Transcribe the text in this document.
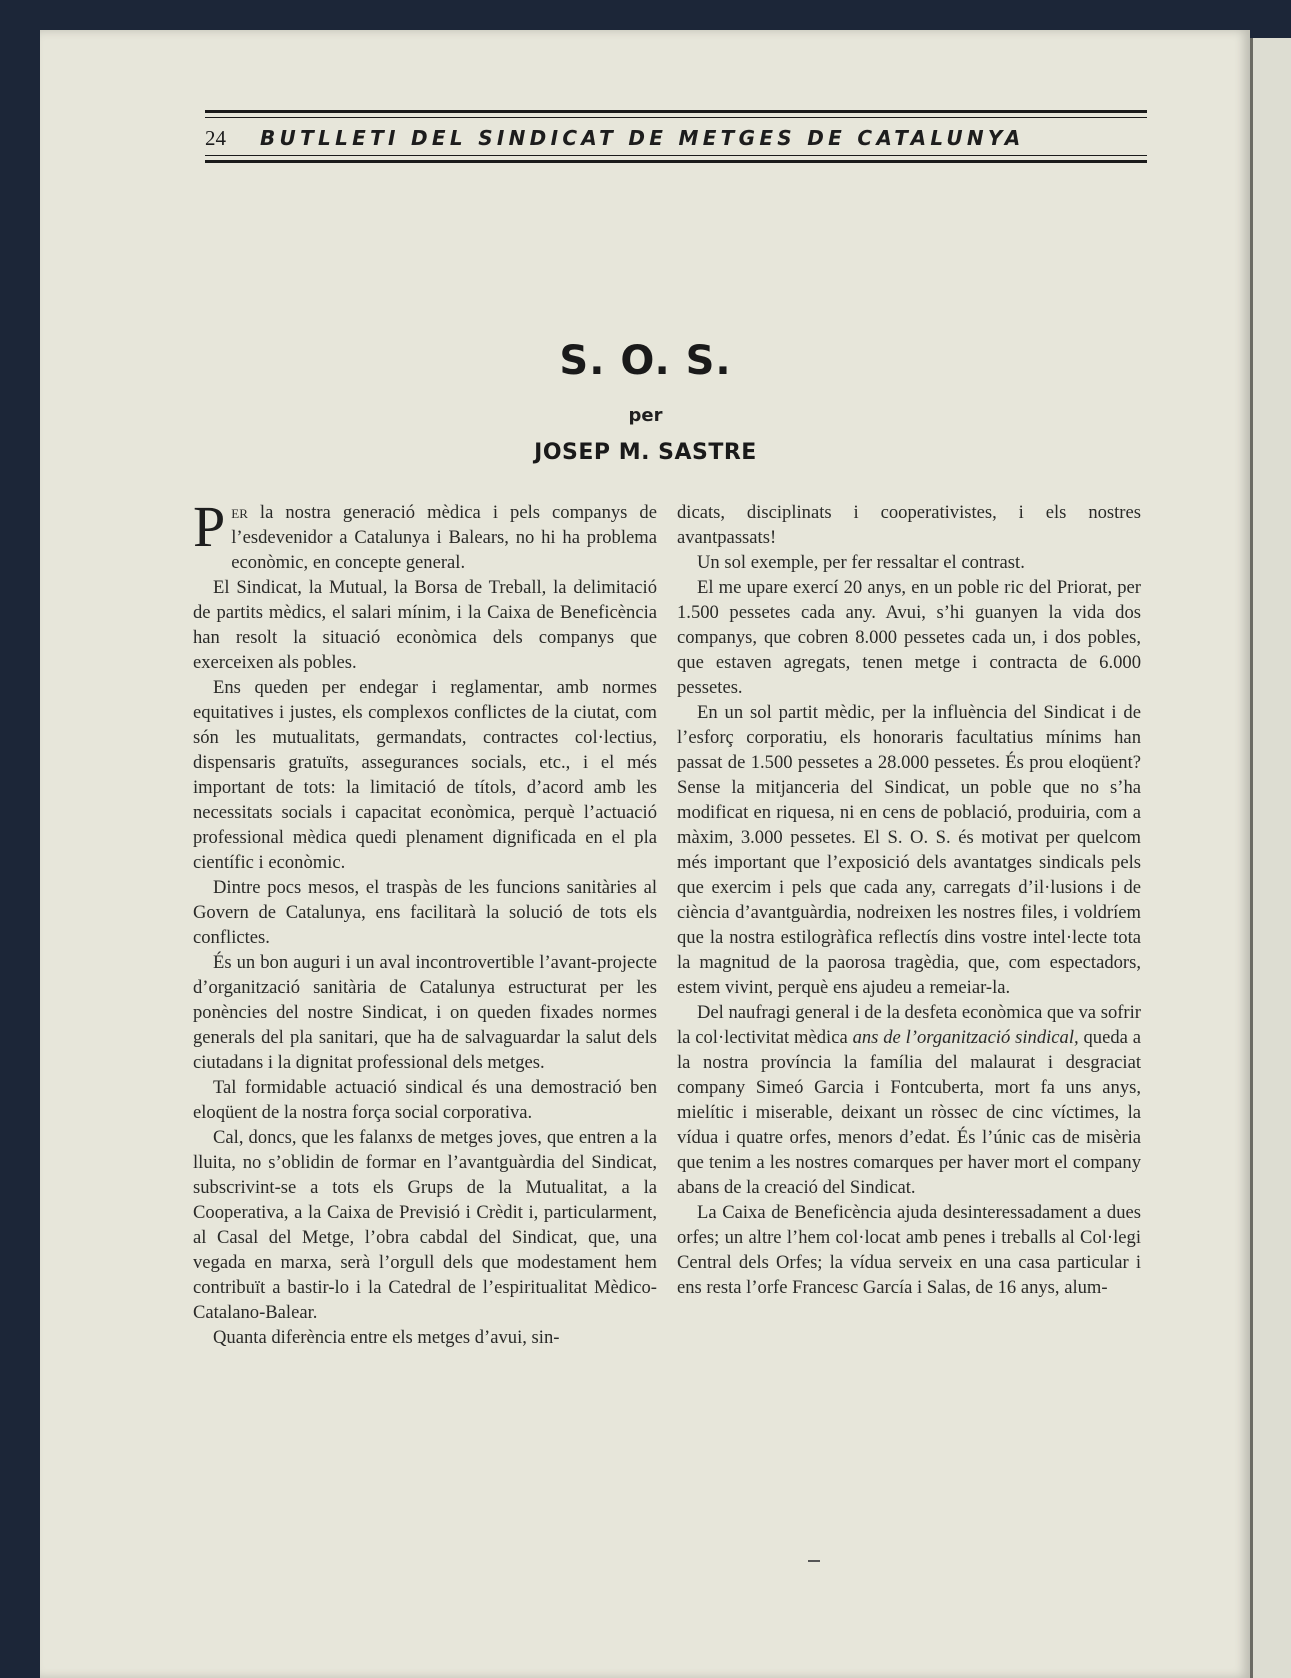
24	BUTLLETI DEL SINDICAT DE METGES DE CATALUNYA
S. O. S.
per
JOSEP M. SASTRE

Per la nostra generació mèdica i pels companys de l’esdevenidor a Catalunya i Balears, no hi ha problema econòmic, en concepte general.

El Sindicat, la Mutual, la Borsa de Treball, la delimitació de partits mèdics, el salari mínim, i la Caixa de Beneficència han resolt la situació econòmica dels companys que exerceixen als pobles.

Ens queden per endegar i reglamentar, amb normes equitatives i justes, els complexos conflictes de la ciutat, com són les mutualitats, germandats, contractes col·lectius, dispensaris gratuïts, assegurances socials, etc., i el més important de tots: la limitació de títols, d’acord amb les necessitats socials i capacitat econòmica, perquè l’actuació professional mèdica quedi plenament dignificada en el pla científic i econòmic.

Dintre pocs mesos, el traspàs de les funcions sanitàries al Govern de Catalunya, ens facilitarà la solució de tots els conflictes.

És un bon auguri i un aval incontrovertible l’avant-projecte d’organització sanitària de Catalunya estructurat per les ponències del nostre Sindicat, i on queden fixades normes generals del pla sanitari, que ha de salvaguardar la salut dels ciutadans i la dignitat professional dels metges.

Tal formidable actuació sindical és una demostració ben eloqüent de la nostra força social corporativa.

Cal, doncs, que les falanxs de metges joves, que entren a la lluita, no s’oblidin de formar en l’avantguàrdia del Sindicat, subscrivint-se a tots els Grups de la Mutualitat, a la Cooperativa, a la Caixa de Previsió i Crèdit i, particularment, al Casal del Metge, l’obra cabdal del Sindicat, que, una vegada en marxa, serà l’orgull dels que modestament hem contribuït a bastir-lo i la Catedral de l’espiritualitat Mèdico-Catalano-Balear.

Quanta diferència entre els metges d’avui, sin-

dicats, disciplinats i cooperativistes, i els nostres avantpassats!

Un sol exemple, per fer ressaltar el contrast.

El me upare exercí 20 anys, en un poble ric del Priorat, per 1.500 pessetes cada any. Avui, s’hi guanyen la vida dos companys, que cobren 8.000 pessetes cada un, i dos pobles, que estaven agregats, tenen metge i contracta de 6.000 pessetes.

En un sol partit mèdic, per la influència del Sindicat i de l’esforç corporatiu, els honoraris facultatius mínims han passat de 1.500 pessetes a 28.000 pessetes. És prou eloqüent? Sense la mitjanceria del Sindicat, un poble que no s’ha modificat en riquesa, ni en cens de població, produiria, com a màxim, 3.000 pessetes. El S. O. S. és motivat per quelcom més important que l’exposició dels avantatges sindicals pels que exercim i pels que cada any, carregats d’il·lusions i de ciència d’avantguàrdia, nodreixen les nostres files, i voldríem que la nostra estilogràfica reflectís dins vostre intel·lecte tota la magnitud de la paorosa tragèdia, que, com espectadors, estem vivint, perquè ens ajudeu a remeiar-la.

Del naufragi general i de la desfeta econòmica que va sofrir la col·lectivitat mèdica ans de l’organització sindical, queda a la nostra província la família del malaurat i desgraciat company Simeó Garcia i Fontcuberta, mort fa uns anys, mielític i miserable, deixant un ròssec de cinc víctimes, la vídua i quatre orfes, menors d’edat. És l’únic cas de misèria que tenim a les nostres comarques per haver mort el company abans de la creació del Sindicat.

La Caixa de Beneficència ajuda desinteressadament a dues orfes; un altre l’hem col·locat amb penes i treballs al Col·legi Central dels Orfes; la vídua serveix en una casa particular i ens resta l’orfe Francesc García i Salas, de 16 anys, alum-
